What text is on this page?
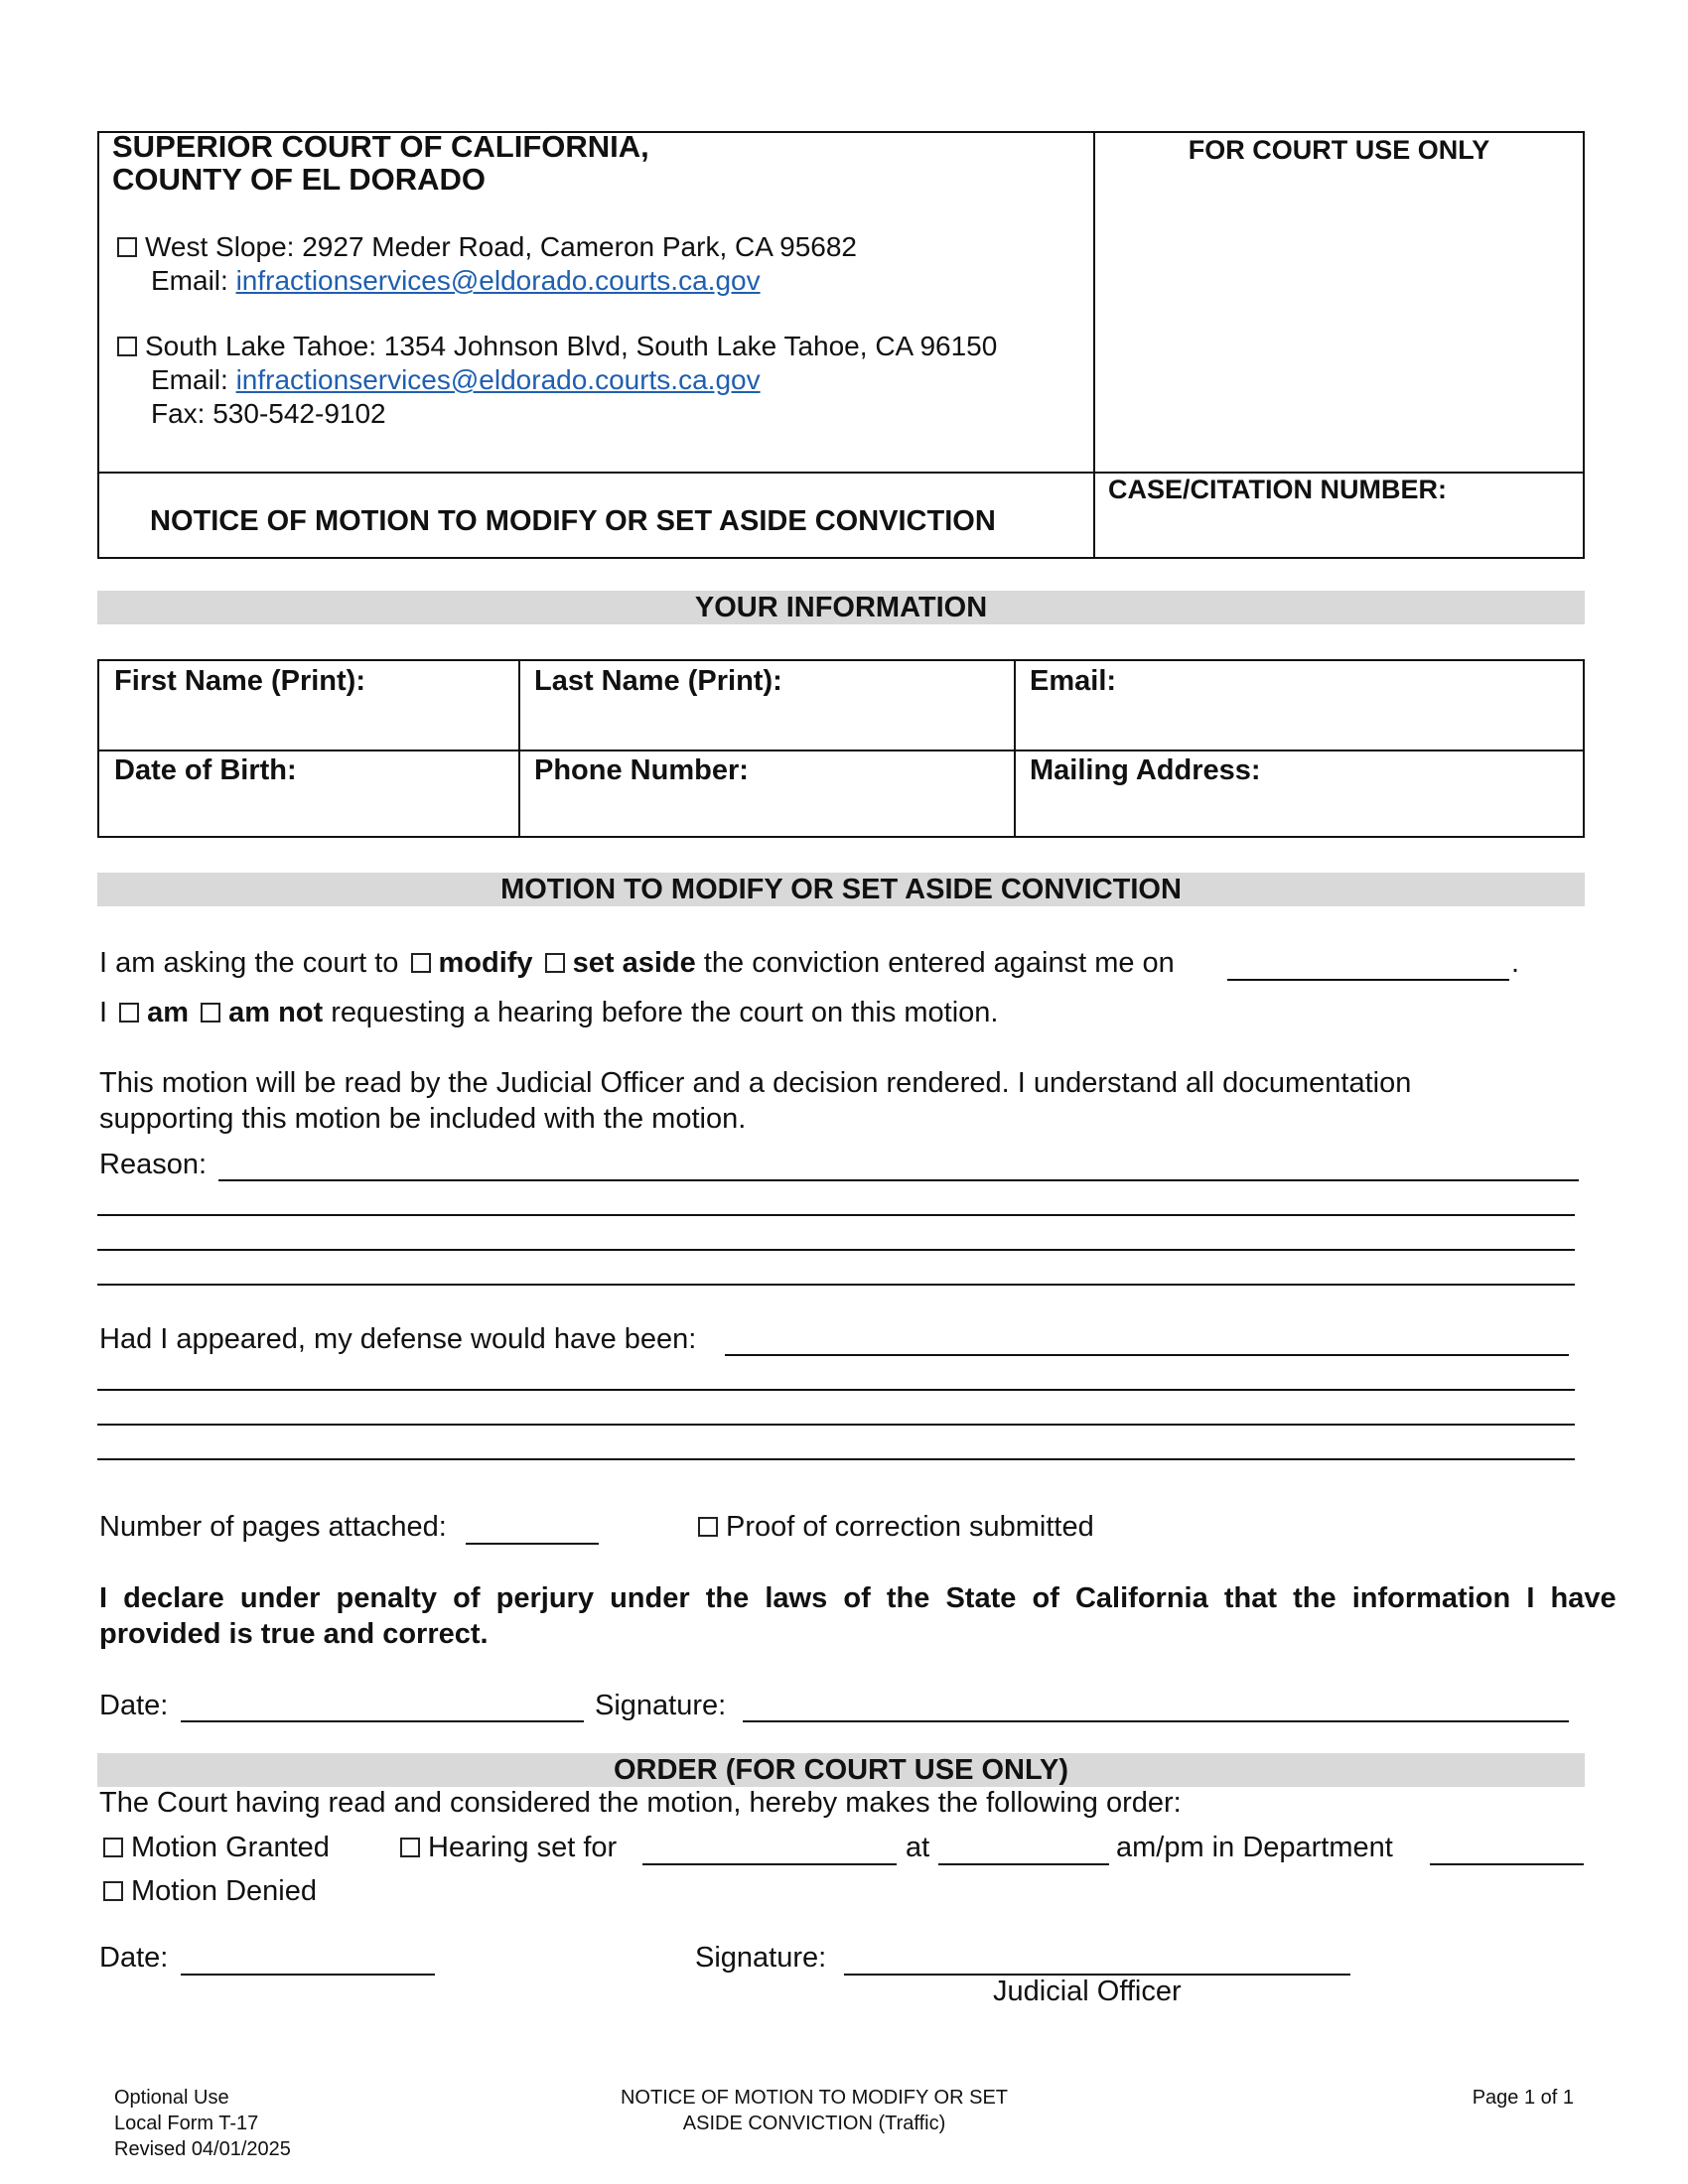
SUPERIOR COURT OF CALIFORNIA,
COUNTY OF EL DORADO
FOR COURT USE ONLY
West Slope: 2927 Meder Road, Cameron Park, CA 95682
Email: infractionservices@eldorado.courts.ca.gov
South Lake Tahoe: 1354 Johnson Blvd, South Lake Tahoe, CA 96150
Email: infractionservices@eldorado.courts.ca.gov
Fax: 530-542-9102
NOTICE OF MOTION TO MODIFY OR SET ASIDE CONVICTION
CASE/CITATION NUMBER:
YOUR INFORMATION
First Name (Print):	Last Name (Print):	Email:
Date of Birth:	Phone Number:	Mailing Address:
MOTION TO MODIFY OR SET ASIDE CONVICTION
I am asking the court to modify set aside the conviction entered against me on	.
I am am not requesting a hearing before the court on this motion.
This motion will be read by the Judicial Officer and a decision rendered. I understand all documentation
supporting this motion be included with the motion.
Reason:
Had I appeared, my defense would have been:
Number of pages attached:	Proof of correction submitted
I  declare  under  penalty  of  perjury  under  the  laws  of  the  State  of  California  that  the  information  I  have
provided is true and correct.
Date:	Signature:
ORDER (FOR COURT USE ONLY)
The Court having read and considered the motion, hereby makes the following order:
Motion Granted	Hearing set for	at	am/pm in Department
Motion Denied
Date:	Signature:
Judicial Officer
Optional Use
Local Form T-17
Revised 04/01/2025
NOTICE OF MOTION TO MODIFY OR SET
ASIDE CONVICTION (Traffic)
Page 1 of 1
